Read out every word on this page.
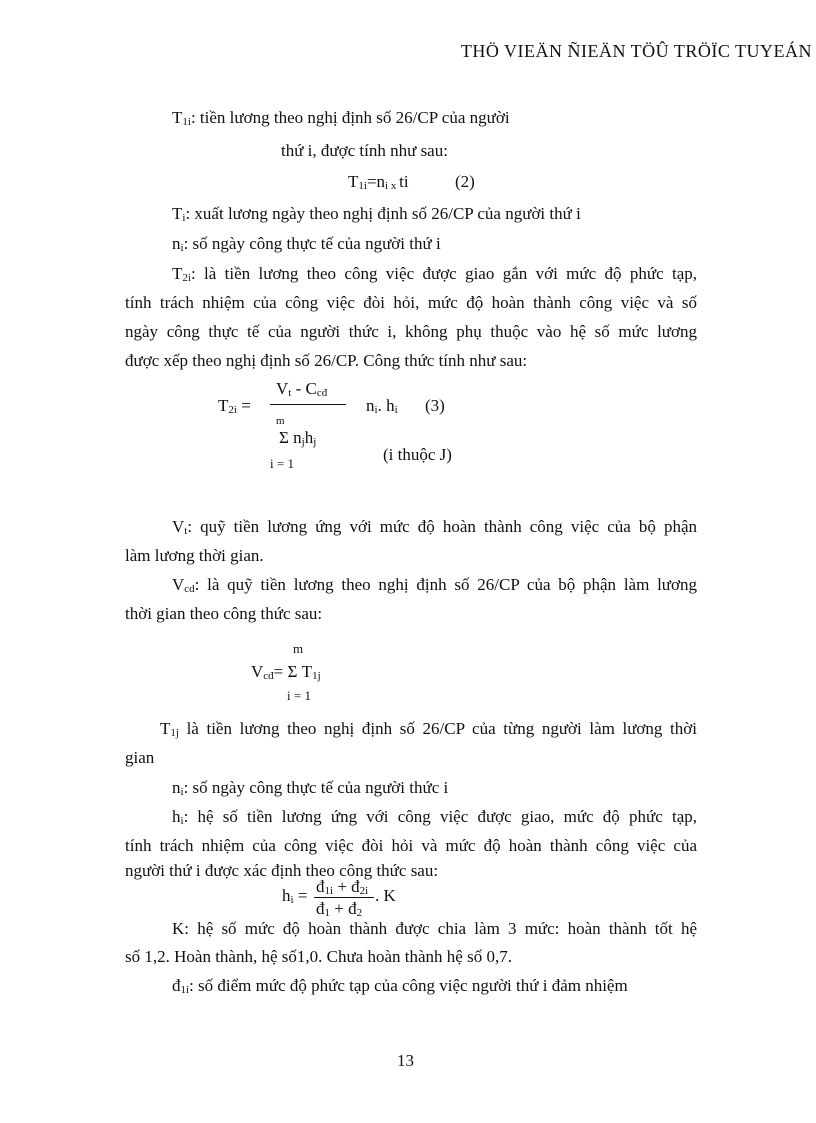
THÖ VIEÄN ÑIEÄN TÖÛ TRÖÏC TUYEÁN
T1i: tiền lương theo nghị định số 26/CP của người
thứ i, được tính như sau:
T1i=ni x ti	(2)
Ti: xuất lương ngày theo nghị định số 26/CP của người thứ i
ni: số ngày công thực tế của người thứ i
T2i: là tiền lương theo công việc được giao gắn với mức độ phức tạp,
tính trách nhiệm của công việc đòi hỏi, mức độ hoàn thành công việc và số
ngày công thực tế của người thức i, không phụ thuộc vào hệ số mức lương
được xếp theo nghị định số 26/CP. Công thức tính như sau:
Vt - Ccđ
T2i =	ni. hi (3)
m
Σ njhj
i = 1	(i thuộc J)
Vt: quỹ tiền lương ứng với mức độ hoàn thành công việc của bộ phận
làm lương thời gian.
Vcd: là quỹ tiền lương theo nghị định số 26/CP của bộ phận làm lương
thời gian theo công thức sau:
m
Vcđ= Σ T1j
i = 1
T1j là tiền lương theo nghị định số 26/CP của từng người làm lương thời
gian
ni: số ngày công thực tế của người thức i
hi: hệ số tiền lương ứng với công việc được giao, mức độ phức tạp,
tính trách nhiệm của công việc đòi hỏi và mức độ hoàn thành công việc của
người thứ i được xác định theo công thức sau:
hi = đ1i + đ2i
đ1 + đ2
. K
K: hệ số mức độ hoàn thành được chia làm 3 mức: hoàn thành tốt hệ
số 1,2. Hoàn thành, hệ số1,0. Chưa hoàn thành hệ số 0,7.
đ1i: số điểm mức độ phức tạp của công việc người thứ i đảm nhiệm
13
